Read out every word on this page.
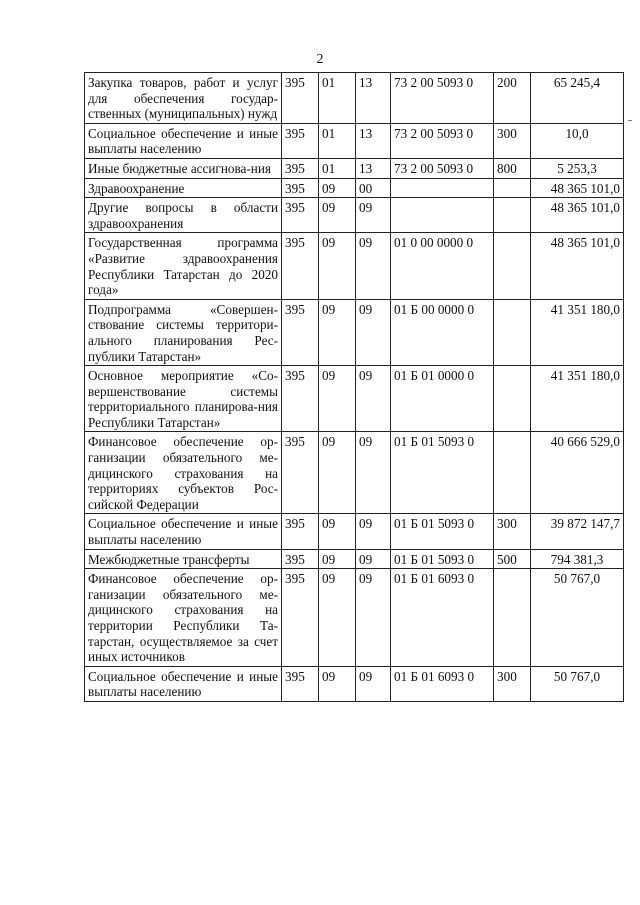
2
Закупка товаров, работ и услуг для обеспечения государ-ственных (муниципальных) нужд	395	01	13	73 2 00 5093 0	200	65 245,4
Социальное обеспечение и иные выплаты населению	395	01	13	73 2 00 5093 0	300	10,0
Иные бюджетные ассигнова-ния	395	01	13	73 2 00 5093 0	800	5 253,3
Здравоохранение	395	09	00			48 365 101,0
Другие вопросы в области здравоохранения	395	09	09			48 365 101,0
Государственная программа «Развитие здравоохранения Республики Татарстан до 2020 года»	395	09	09	01 0 00 0000 0		48 365 101,0
Подпрограмма «Совершен-ствование системы территори-ального планирования Рес-публики Татарстан»	395	09	09	01 Б 00 0000 0		41 351 180,0
Основное мероприятие «Со-вершенствование системы территориального планирова-ния Республики Татарстан»	395	09	09	01 Б 01 0000 0		41 351 180,0
Финансовое обеспечение ор-ганизации обязательного ме-дицинского страхования на территориях субъектов Рос-сийской Федерации	395	09	09	01 Б 01 5093 0		40 666 529,0
Социальное обеспечение и иные выплаты населению	395	09	09	01 Б 01 5093 0	300	39 872 147,7
Межбюджетные трансферты	395	09	09	01 Б 01 5093 0	500	794 381,3
Финансовое обеспечение ор-ганизации обязательного ме-дицинского страхования на территории Республики Та-тарстан, осуществляемое за счет иных источников	395	09	09	01 Б 01 6093 0		50 767,0
Социальное обеспечение и иные выплаты населению	395	09	09	01 Б 01 6093 0	300	50 767,0
